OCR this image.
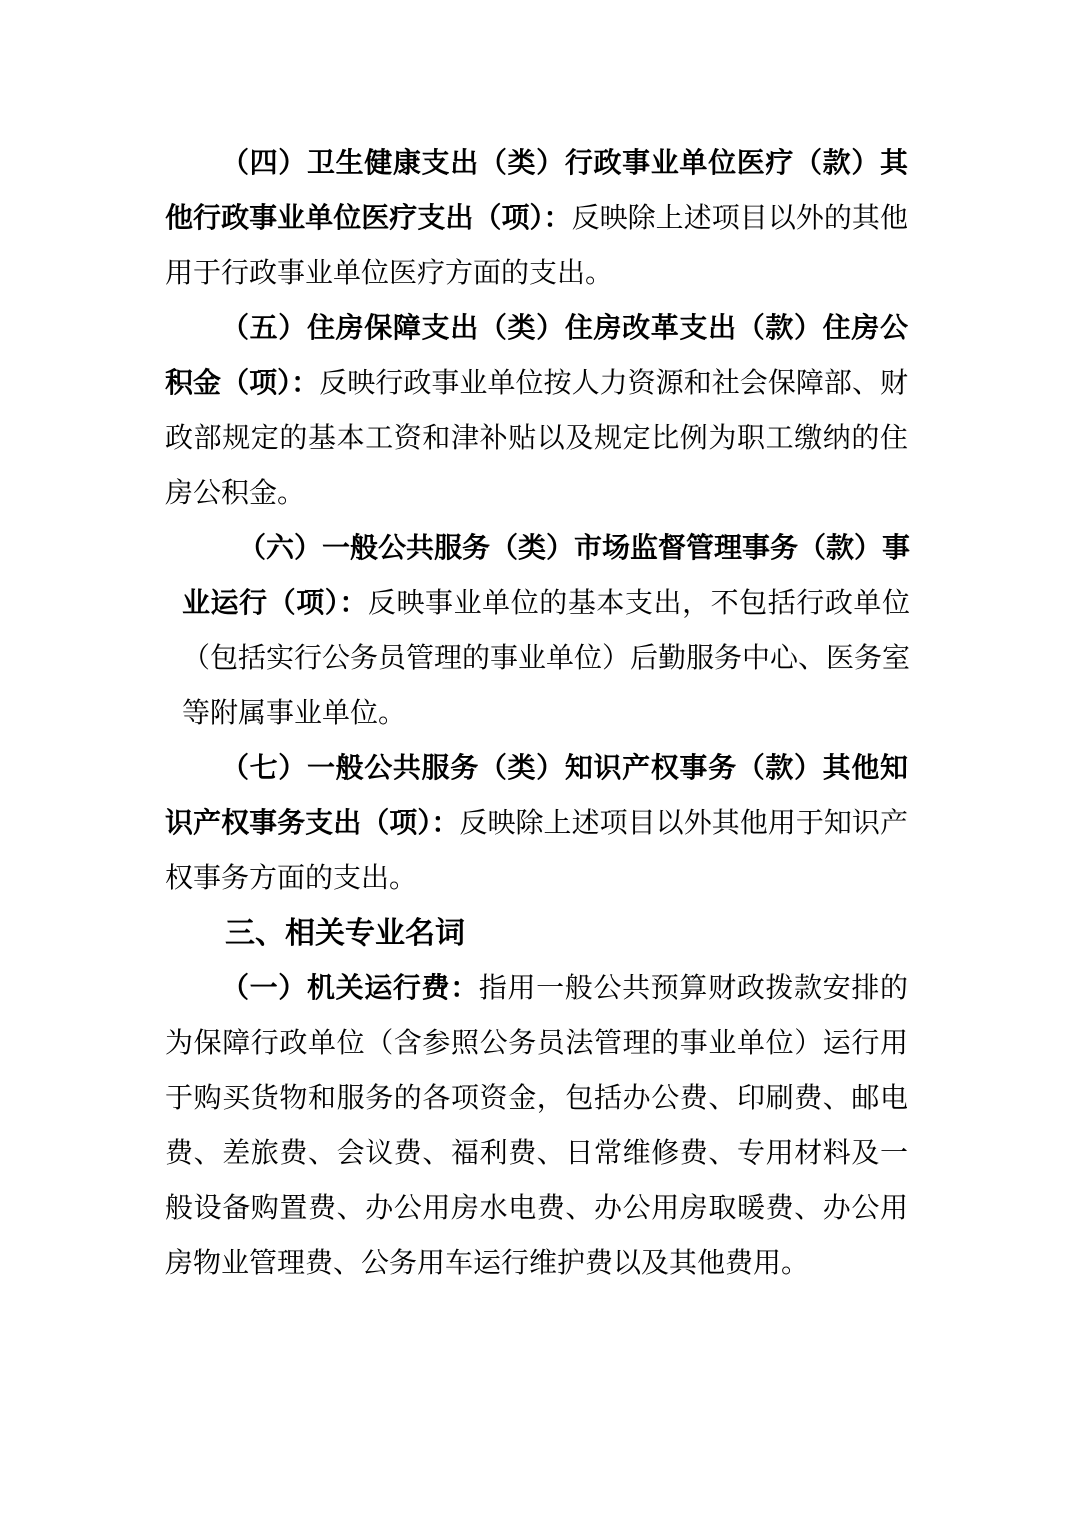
（四）卫生健康支出（类）行政事业单位医疗（款）其他行政事业单位医疗支出（项）：反映除上述项目以外的其他用于行政事业单位医疗方面的支出。

（五）住房保障支出（类）住房改革支出（款）住房公积金（项）：反映行政事业单位按人力资源和社会保障部、财政部规定的基本工资和津补贴以及规定比例为职工缴纳的住房公积金。

（六）一般公共服务（类）市场监督管理事务（款）事业运行（项）：反映事业单位的基本支出，不包括行政单位（包括实行公务员管理的事业单位）后勤服务中心、医务室等附属事业单位。

（七）一般公共服务（类）知识产权事务（款）其他知识产权事务支出（项）：反映除上述项目以外其他用于知识产权事务方面的支出。

三、相关专业名词

（一）机关运行费：指用一般公共预算财政拨款安排的为保障行政单位（含参照公务员法管理的事业单位）运行用于购买货物和服务的各项资金，包括办公费、印刷费、邮电费、差旅费、会议费、福利费、日常维修费、专用材料及一般设备购置费、办公用房水电费、办公用房取暖费、办公用房物业管理费、公务用车运行维护费以及其他费用。
